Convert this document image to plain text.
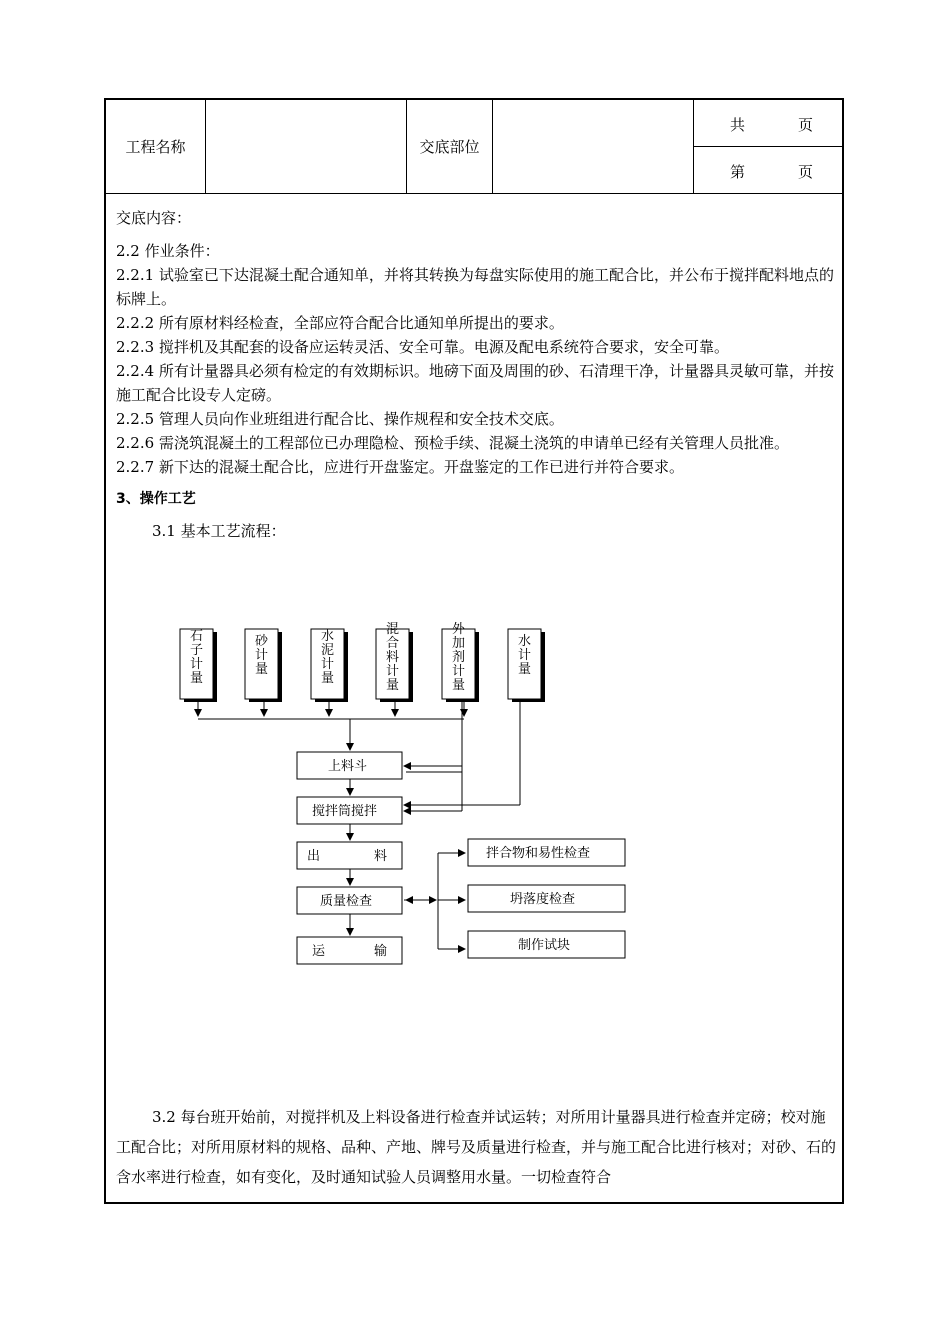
工程名称	交底部位
共	页
第	页

交底内容：

2.2 作业条件：

2.2.1 试验室已下达混凝土配合通知单，并将其转换为每盘实际使用的施工配合比，并公布于搅拌配料地点的标牌上。

2.2.2 所有原材料经检查，全部应符合配合比通知单所提出的要求。

2.2.3 搅拌机及其配套的设备应运转灵活、安全可靠。电源及配电系统符合要求，安全可靠。

2.2.4 所有计量器具必须有检定的有效期标识。地磅下面及周围的砂、石清理干净，计量器具灵敏可靠，并按施工配合比设专人定磅。

2.2.5 管理人员向作业班组进行配合比、操作规程和安全技术交底。

2.2.6 需浇筑混凝土的工程部位已办理隐检、预检手续、混凝土浇筑的申请单已经有关管理人员批准。

2.2.7 新下达的混凝土配合比，应进行开盘鉴定。开盘鉴定的工作已进行并符合要求。

3、操作工艺

3.1 基本工艺流程：

石子计量
砂计量
水泥计量
混合料计量
外加剂计量
水计量
上料斗
搅拌筒搅拌
出	料
质量检查
运	输
拌合物和易性检查
坍落度检查
制作试块

3.2 每台班开始前，对搅拌机及上料设备进行检查并试运转；对所用计量器具进行检查并定磅；校对施工配合比；对所用原材料的规格、品种、产地、牌号及质量进行检查，并与施工配合比进行核对；对砂、石的含水率进行检查，如有变化，及时通知试验人员调整用水量。一切检查符合
